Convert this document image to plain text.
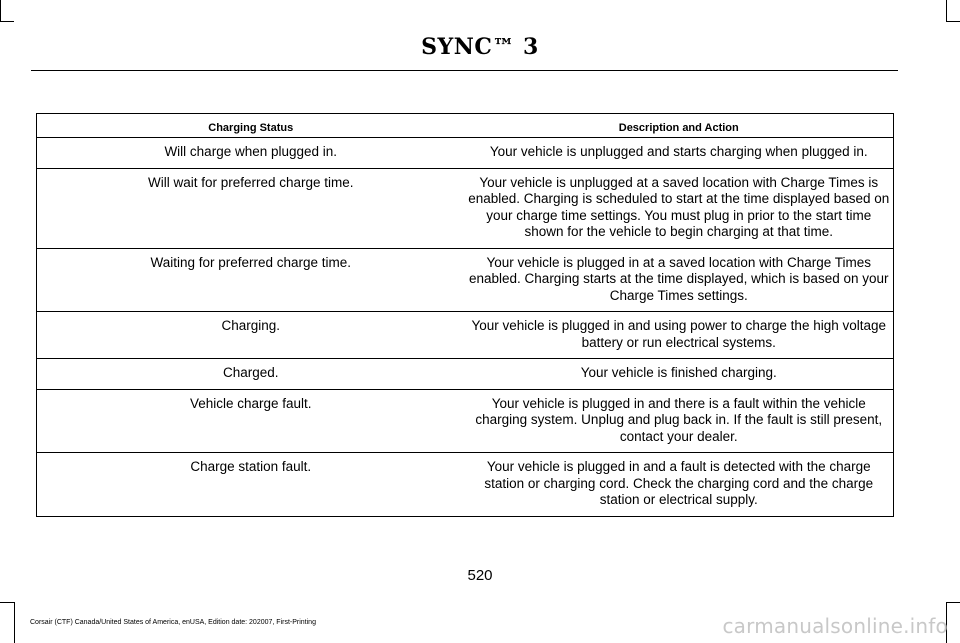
SYNC™ 3
Charging Status	Description and Action
Will charge when plugged in.	Your vehicle is unplugged and starts charging when plugged in.
Will wait for preferred charge time.	Your vehicle is unplugged at a saved location with Charge Times is enabled. Charging is scheduled to start at the time displayed based on your charge time settings. You must plug in prior to the start time shown for the vehicle to begin charging at that time.
Waiting for preferred charge time.	Your vehicle is plugged in at a saved location with Charge Times enabled. Charging starts at the time displayed, which is based on your Charge Times settings.
Charging.	Your vehicle is plugged in and using power to charge the high voltage battery or run electrical systems.
Charged.	Your vehicle is finished charging.
Vehicle charge fault.	Your vehicle is plugged in and there is a fault within the vehicle charging system. Unplug and plug back in. If the fault is still present, contact your dealer.
Charge station fault.	Your vehicle is plugged in and a fault is detected with the charge station or charging cord. Check the charging cord and the charge station or electrical supply.
520
Corsair (CTF) Canada/United States of America, enUSA, Edition date: 202007, First-Printing	carmanualsonline.info
